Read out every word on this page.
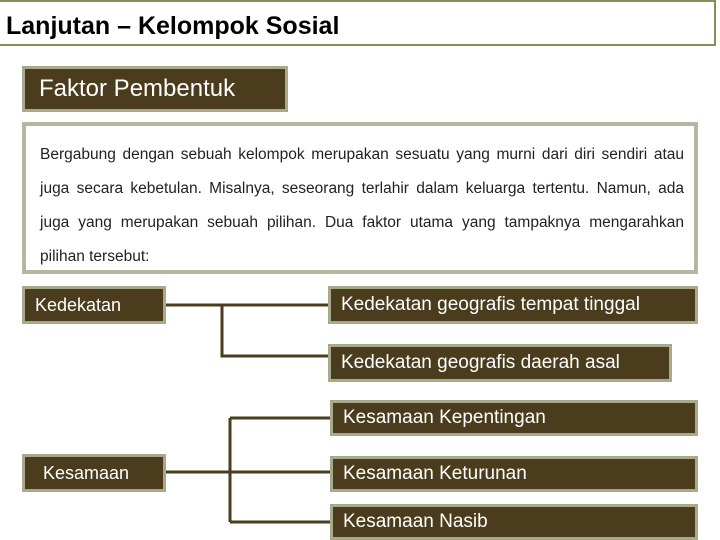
Lanjutan – Kelompok Sosial
Faktor Pembentuk
Bergabung dengan sebuah kelompok merupakan sesuatu yang murni dari diri sendiri atau juga secara kebetulan. Misalnya, seseorang terlahir dalam keluarga tertentu. Namun, ada juga yang merupakan sebuah pilihan. Dua faktor utama yang tampaknya mengarahkan pilihan tersebut:
Kedekatan	Kedekatan geografis tempat tinggal
Kedekatan geografis daerah asal
Kesamaan
Kesamaan Kepentingan
Kesamaan Keturunan
Kesamaan Nasib
